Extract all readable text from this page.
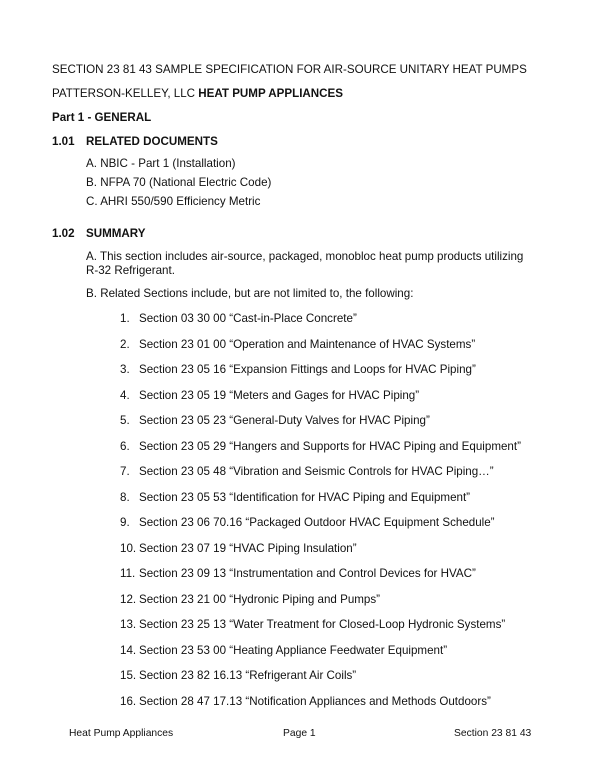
SECTION 23 81 43 SAMPLE SPECIFICATION FOR AIR-SOURCE UNITARY HEAT PUMPS
PATTERSON-KELLEY, LLC HEAT PUMP APPLIANCES
Part 1 - GENERAL
1.01 RELATED DOCUMENTS
A. NBIC - Part 1 (Installation)
B. NFPA 70 (National Electric Code)
C. AHRI 550/590 Efficiency Metric
1.02 SUMMARY
A. This section includes air-source, packaged, monobloc heat pump products utilizing
R-32 Refrigerant.
B. Related Sections include, but are not limited to, the following:
1. Section 03 30 00 “Cast-in-Place Concrete”
2. Section 23 01 00 “Operation and Maintenance of HVAC Systems”
3. Section 23 05 16 “Expansion Fittings and Loops for HVAC Piping”
4. Section 23 05 19 “Meters and Gages for HVAC Piping”
5. Section 23 05 23 “General-Duty Valves for HVAC Piping”
6. Section 23 05 29 “Hangers and Supports for HVAC Piping and Equipment”
7. Section 23 05 48 “Vibration and Seismic Controls for HVAC Piping…”
8. Section 23 05 53 “Identification for HVAC Piping and Equipment”
9. Section 23 06 70.16 “Packaged Outdoor HVAC Equipment Schedule”
10. Section 23 07 19 “HVAC Piping Insulation”
11. Section 23 09 13 “Instrumentation and Control Devices for HVAC”
12. Section 23 21 00 “Hydronic Piping and Pumps”
13. Section 23 25 13 “Water Treatment for Closed-Loop Hydronic Systems”
14. Section 23 53 00 “Heating Appliance Feedwater Equipment”
15. Section 23 82 16.13 “Refrigerant Air Coils”
16. Section 28 47 17.13 “Notification Appliances and Methods Outdoors”
Heat Pump Appliances	Page 1	Section 23 81 43
